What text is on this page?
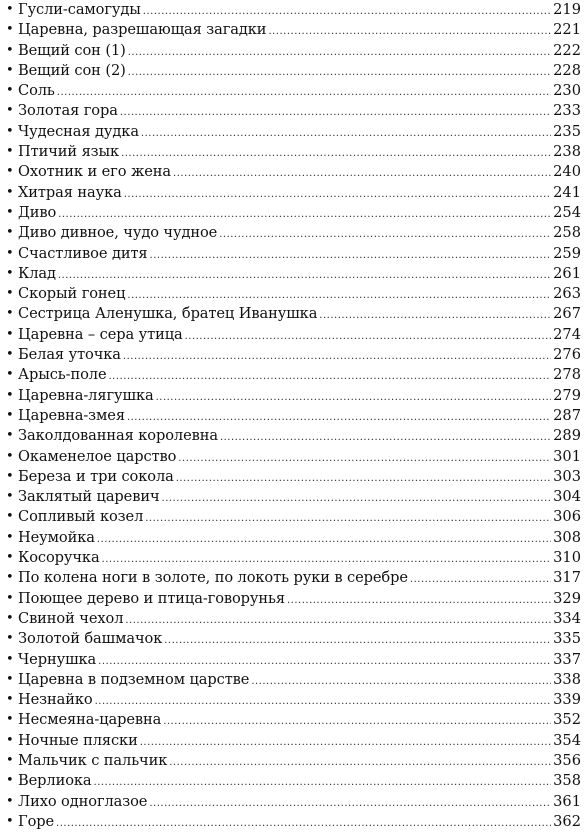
• Гусли-самогуды .....	219
• Царевна, разрешающая загадки .....	221
• Вещий сон (1) .....	222
• Вещий сон (2) .....	228
• Соль .....	230
• Золотая гора .....	233
• Чудесная дудка .....	235
• Птичий язык .....	238
• Охотник и его жена .....	240
• Хитрая наука .....	241
• Диво .....	254
• Диво дивное, чудо чудное .....	258
• Счастливое дитя .....	259
• Клад .....	261
• Скорый гонец .....	263
• Сестрица Аленушка, братец Иванушка .....	267
• Царевна – сера утица .....	274
• Белая уточка .....	276
• Арысь-поле .....	278
• Царевна-лягушка .....	279
• Царевна-змея .....	287
• Заколдованная королевна .....	289
• Окаменелое царство .....	301
• Береза и три сокола .....	303
• Заклятый царевич .....	304
• Сопливый козел .....	306
• Неумойка .....	308
• Косоручка .....	310
• По колена ноги в золоте, по локоть руки в серебре .....	317
• Поющее дерево и птица-говорунья .....	329
• Свиной чехол .....	334
• Золотой башмачок .....	335
• Чернушка .....	337
• Царевна в подземном царстве .....	338
• Незнайко .....	339
• Несмеяна-царевна .....	352
• Ночные пляски .....	354
• Мальчик с пальчик .....	356
• Верлиока .....	358
• Лихо одноглазое .....	361
• Горе .....	362
